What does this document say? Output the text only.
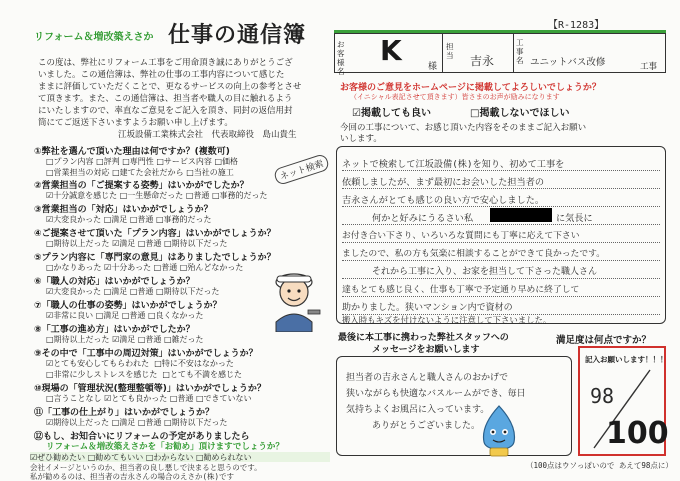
リフォーム＆増改築えさか 仕事の通信簿
この度は、弊社にリフォーム工事をご用命頂き誠にありがとうござ
いました。この通信簿は、弊社の仕事の工事内容について感じた
ままに評価していただくことで、更なるサービスの向上の参考とさせ
て頂きます。また、この通信簿は、担当者や職人の目に触れるよう
にいたしますので、率直なご意見をご記入を頂き、同封の返信用封
筒にてご返送下さいますようお願い申し上げます。
江坂設備工業株式会社　代表取締役　島山貴生
①弊社を選んで頂いた理由は何ですか？(複数可)
□プラン内容 □評判 □専門性 □サービス内容 □価格
□営業担当の対応 □建てた会社だから □当社の施工	ネット検索
②営業担当の「ご提案する姿勢」はいかがでしたか？
☑十分誠意を感じた □一生懸命だった □普通 □事務的だった
③営業担当の「対応」はいかがでしょうか？
☑大変良かった □満足 □普通 □事務的だった
④ご提案させて頂いた「プラン内容」はいかがでしょうか？
□期待以上だった ☑満足 □普通 □期待以下だった
⑤プラン内容に「専門家の意見」はありましたでしょうか？
□かなりあった ☑十分あった □普通 □殆んどなかった
⑥「職人の対応」はいかがでしょうか？
☑大変良かった □満足 □普通 □期待以下だった
⑦「職人の仕事の姿勢」はいかがでしょうか？
☑非常に良い □満足 □普通 □良くなかった
⑧「工事の進め方」はいかがでしたか？
□期待以上だった ☑満足 □普通 □雑だった
⑨その中で「工事中の周辺対策」はいかがでしょうか？
☑とても安心してもらわれた □特に不安はなかった
□非常に少しストレスを感じた □とても不満を感じた
⑩現場の「管理状況(整理整頓等)」はいかがでしょうか？
□言うことなし ☑とても良かった □普通 □できていない
⑪「工事の仕上がり」はいかがでしょうか？
☑期待以上だった □満足 □普通 □期待以下だった
⑫もし、お知合いにリフォームの予定がありましたら
リフォーム＆増改築えさかを「お勧め」頂けますでしょうか？
☑ぜひ勧めたい □勧めてもいい □わからない □勧められない
会社イメージというのか、担当者の良し悪しで決まると思うのです。
私が勧めるのは、担当者の吉永さんの場合のえさか(株)です
【R-1283】
お客様名
K	様
担当 吉永
工事名 ユニットバス改修	工事
お客様のご意見をホームページに掲載してよろしいでしょうか？
（イニシャル表記させて頂きます）皆さまのお声が励みになります
☑掲載しても良い	□掲載しないでほしい
今回の工事について、お感じ頂いた内容をそのままご記入お願い
いします。
ネットで検索して江坂設備(株)を知り、初めて工事を
依頼しましたが、まず最初にお会いした担当者の
吉永さんがとても感じの良い方で安心しました。
何かと好みにうるさい私	に気長に
お付き合い下さり、いろいろな質問にも丁寧に応えて下さい
ましたので、私の方も気楽に相談することができて良かったです。
それから工事に入り、お家を担当して下さった職人さん
達もとても感じ良く、仕事も丁寧で予定通り早めに終了して
助かりました。狭いマンション内で資材の
搬入時もキズを付けないように注意して下さいました。
最後に本工事に携わった弊社スタッフへの
メッセージをお願いします
担当者の吉永さんと職人さんのおかげで
狭いながらも快適なバスルームができ、毎日
気持ちよくお風呂に入っています。
ありがとうございました。
満足度は何点ですか？
記入お願いします！！！
98
100
（100点はウソっぽいので あえて98点に）
